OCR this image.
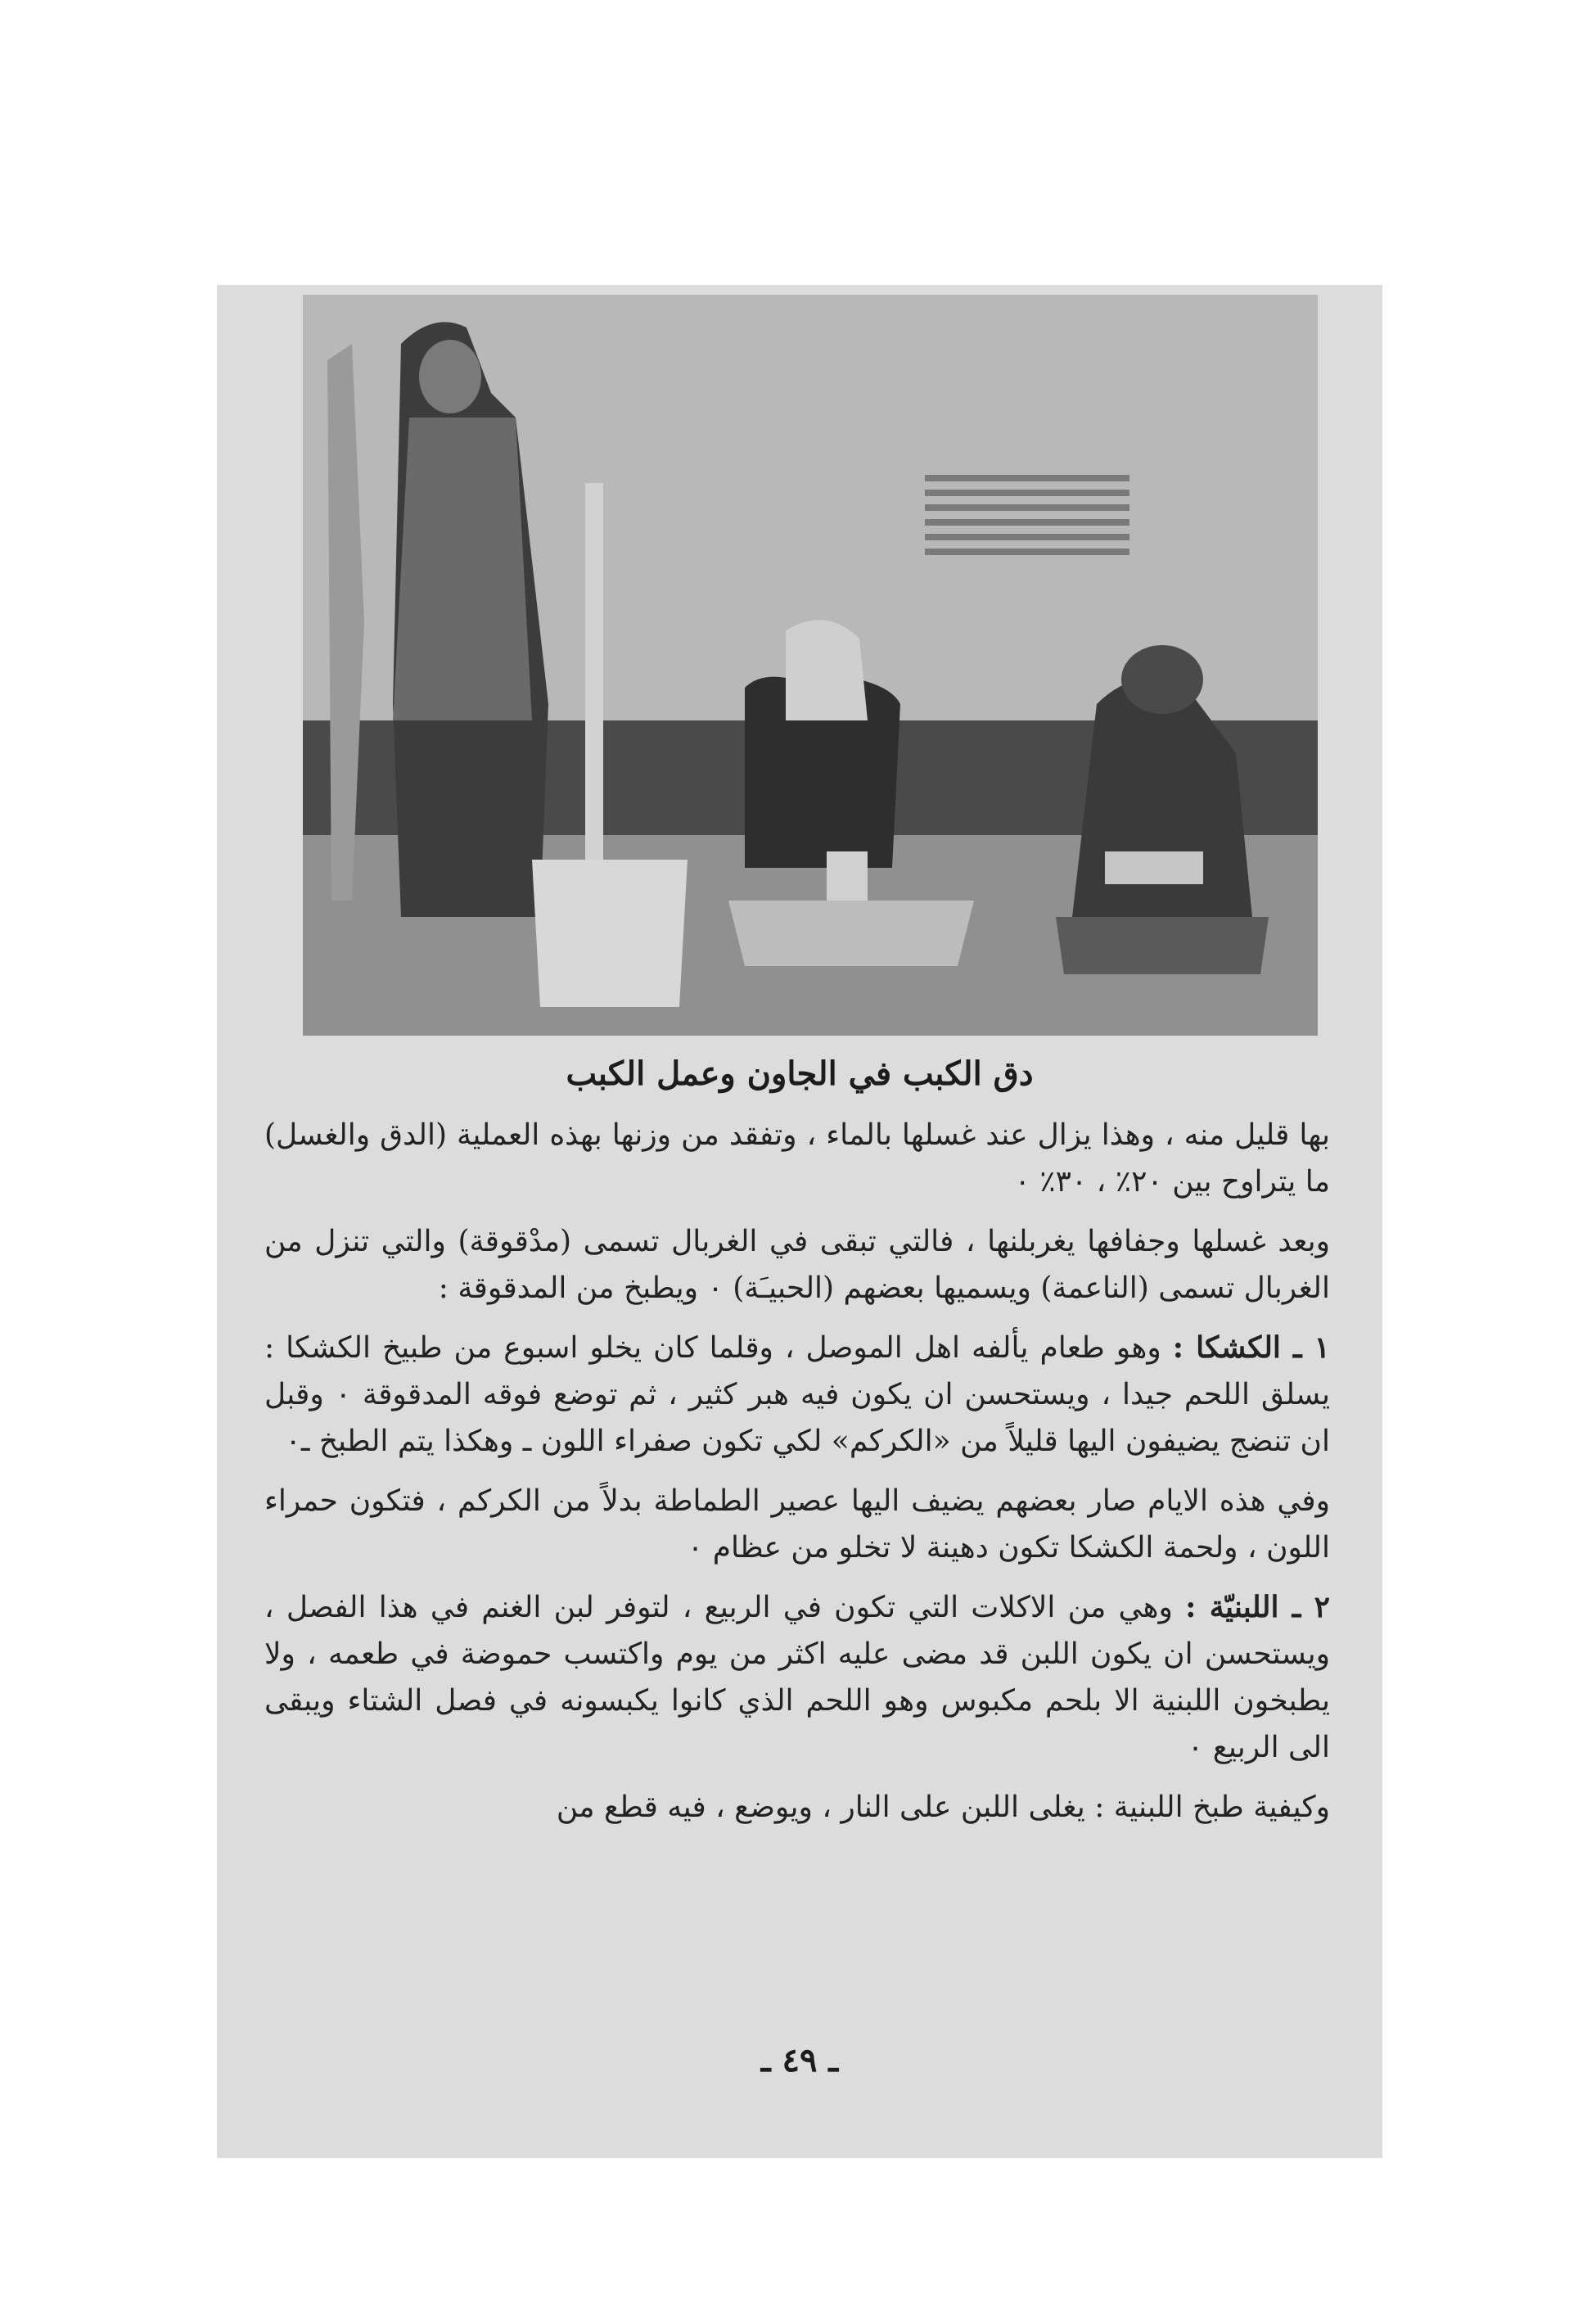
دق الكبب في الجاون وعمل الكبب

بها قليل منه ، وهذا يزال عند غسلها بالماء ، وتفقد من وزنها بهذه العملية (الدق والغسل) ما يتراوح بين ٢٠٪ ، ٣٠٪ ٠

وبعد غسلها وجفافها يغربلنها ، فالتي تبقى في الغربال تسمى (مدْقوقة) والتي تنزل من الغربال تسمى (الناعمة) ويسميها بعضهم (الحبيـَة) ٠ ويطبخ من المدقوقة :

١ ـ الكشكا : وهو طعام يألفه اهل الموصل ، وقلما كان يخلو اسبوع من طبيخ الكشكا : يسلق اللحم جيدا ، ويستحسن ان يكون فيه هبر كثير ، ثم توضع فوقه المدقوقة ٠ وقبل ان تنضج يضيفون اليها قليلاً من «الكركم» لكي تكون صفراء اللون ـ وهكذا يتم الطبخ ـ٠

وفي هذه الايام صار بعضهم يضيف اليها عصير الطماطة بدلاً من الكركم ، فتكون حمراء اللون ، ولحمة الكشكا تكون دهينة لا تخلو من عظام ٠

٢ ـ اللبنيّة : وهي من الاكلات التي تكون في الربيع ، لتوفر لبن الغنم في هذا الفصل ، ويستحسن ان يكون اللبن قد مضى عليه اكثر من يوم واكتسب حموضة في طعمه ، ولا يطبخون اللبنية الا بلحم مكبوس وهو اللحم الذي كانوا يكبسونه في فصل الشتاء ويبقى الى الربيع ٠

وكيفية طبخ اللبنية : يغلى اللبن على النار ، ويوضع ، فيه قطع من

ـ ٤٩ ـ
